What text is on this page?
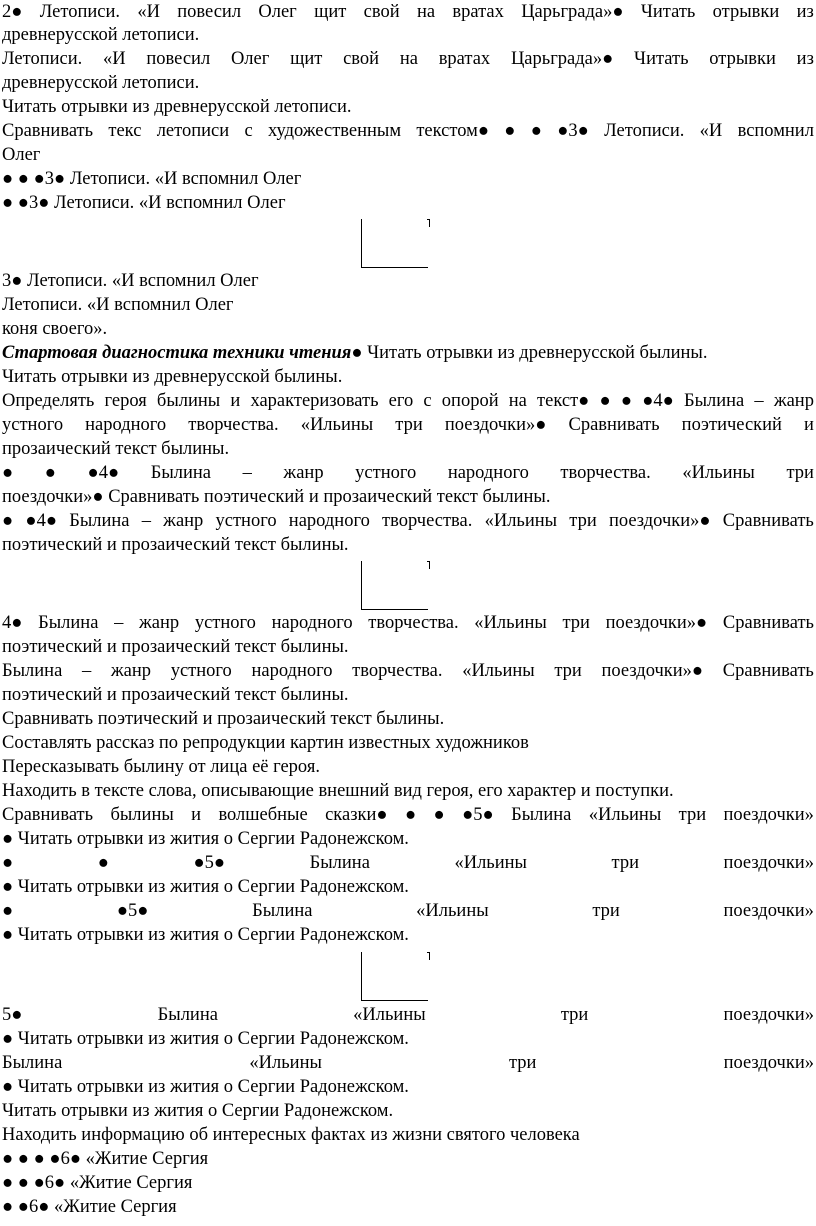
2● Летописи. «И повесил Олег щит свой на вратах Царьграда»● Читать отрывки из
древнерусской летописи.
Летописи. «И повесил Олег щит свой на вратах Царьграда»● Читать отрывки из
древнерусской летописи.
Читать отрывки из древнерусской летописи.
Сравнивать текс летописи с художественным текстом● ● ● ●3● Летописи. «И вспомнил
Олег
● ● ●3● Летописи. «И вспомнил Олег
● ●3● Летописи. «И вспомнил Олег
3● Летописи. «И вспомнил Олег
Летописи. «И вспомнил Олег
коня своего».
Стартовая диагностика техники чтения● Читать отрывки из древнерусской былины.
Читать отрывки из древнерусской былины.
Определять героя былины и характеризовать его с опорой на текст● ● ● ●4● Былина – жанр
устного народного творчества. «Ильины три поездочки»● Сравнивать поэтический и
прозаический текст былины.
● ● ●4● Былина – жанр устного народного творчества. «Ильины три
поездочки»● Сравнивать поэтический и прозаический текст былины.
● ●4● Былина – жанр устного народного творчества. «Ильины три поездочки»● Сравнивать
поэтический и прозаический текст былины.
4● Былина – жанр устного народного творчества. «Ильины три поездочки»● Сравнивать
поэтический и прозаический текст былины.
Былина – жанр устного народного творчества. «Ильины три поездочки»● Сравнивать
поэтический и прозаический текст былины.
Сравнивать поэтический и прозаический текст былины.
Составлять рассказ по репродукции картин известных художников
Пересказывать былину от лица её героя.
Находить в тексте слова, описывающие внешний вид героя, его характер и поступки.
Сравнивать былины и волшебные сказки● ● ● ●5● Былина «Ильины три поездочки»
● Читать отрывки из жития о Сергии Радонежском.
●	●	●5●	Былина	«Ильины	три	поездочки»
● Читать отрывки из жития о Сергии Радонежском.
●	●5●	Былина	«Ильины	три	поездочки»
● Читать отрывки из жития о Сергии Радонежском.
5●	Былина	«Ильины	три	поездочки»
● Читать отрывки из жития о Сергии Радонежском.
Былина	«Ильины	три	поездочки»
● Читать отрывки из жития о Сергии Радонежском.
Читать отрывки из жития о Сергии Радонежском.
Находить информацию об интересных фактах из жизни святого человека
● ● ● ●6● «Житие Сергия
● ● ●6● «Житие Сергия
● ●6● «Житие Сергия
